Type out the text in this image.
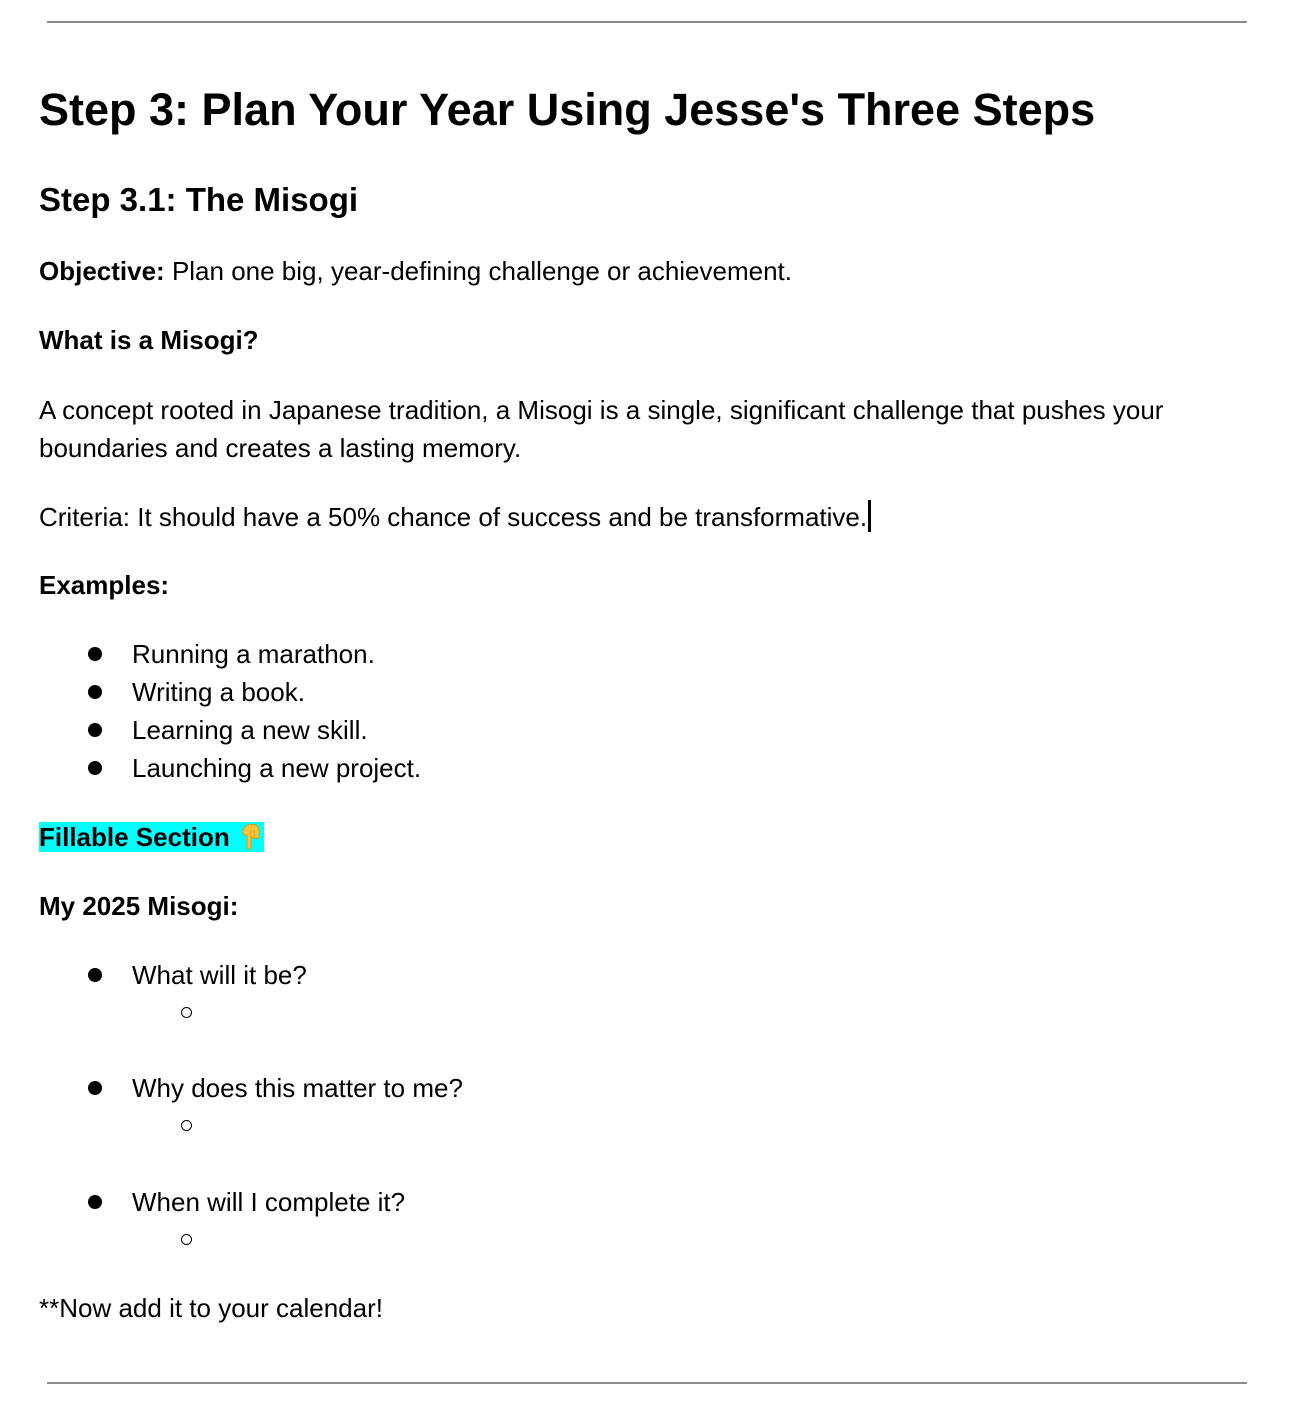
Step 3: Plan Your Year Using Jesse's Three Steps
Step 3.1: The Misogi

Objective: Plan one big, year-defining challenge or achievement.

What is a Misogi?

A concept rooted in Japanese tradition, a Misogi is a single, significant challenge that pushes your boundaries and creates a lasting memory.

Criteria: It should have a 50% chance of success and be transformative.

Examples:

Running a marathon.
Writing a book.
Learning a new skill.
Launching a new project.

Fillable Section

My 2025 Misogi:

What will it be?
Why does this matter to me?
When will I complete it?

**Now add it to your calendar!
